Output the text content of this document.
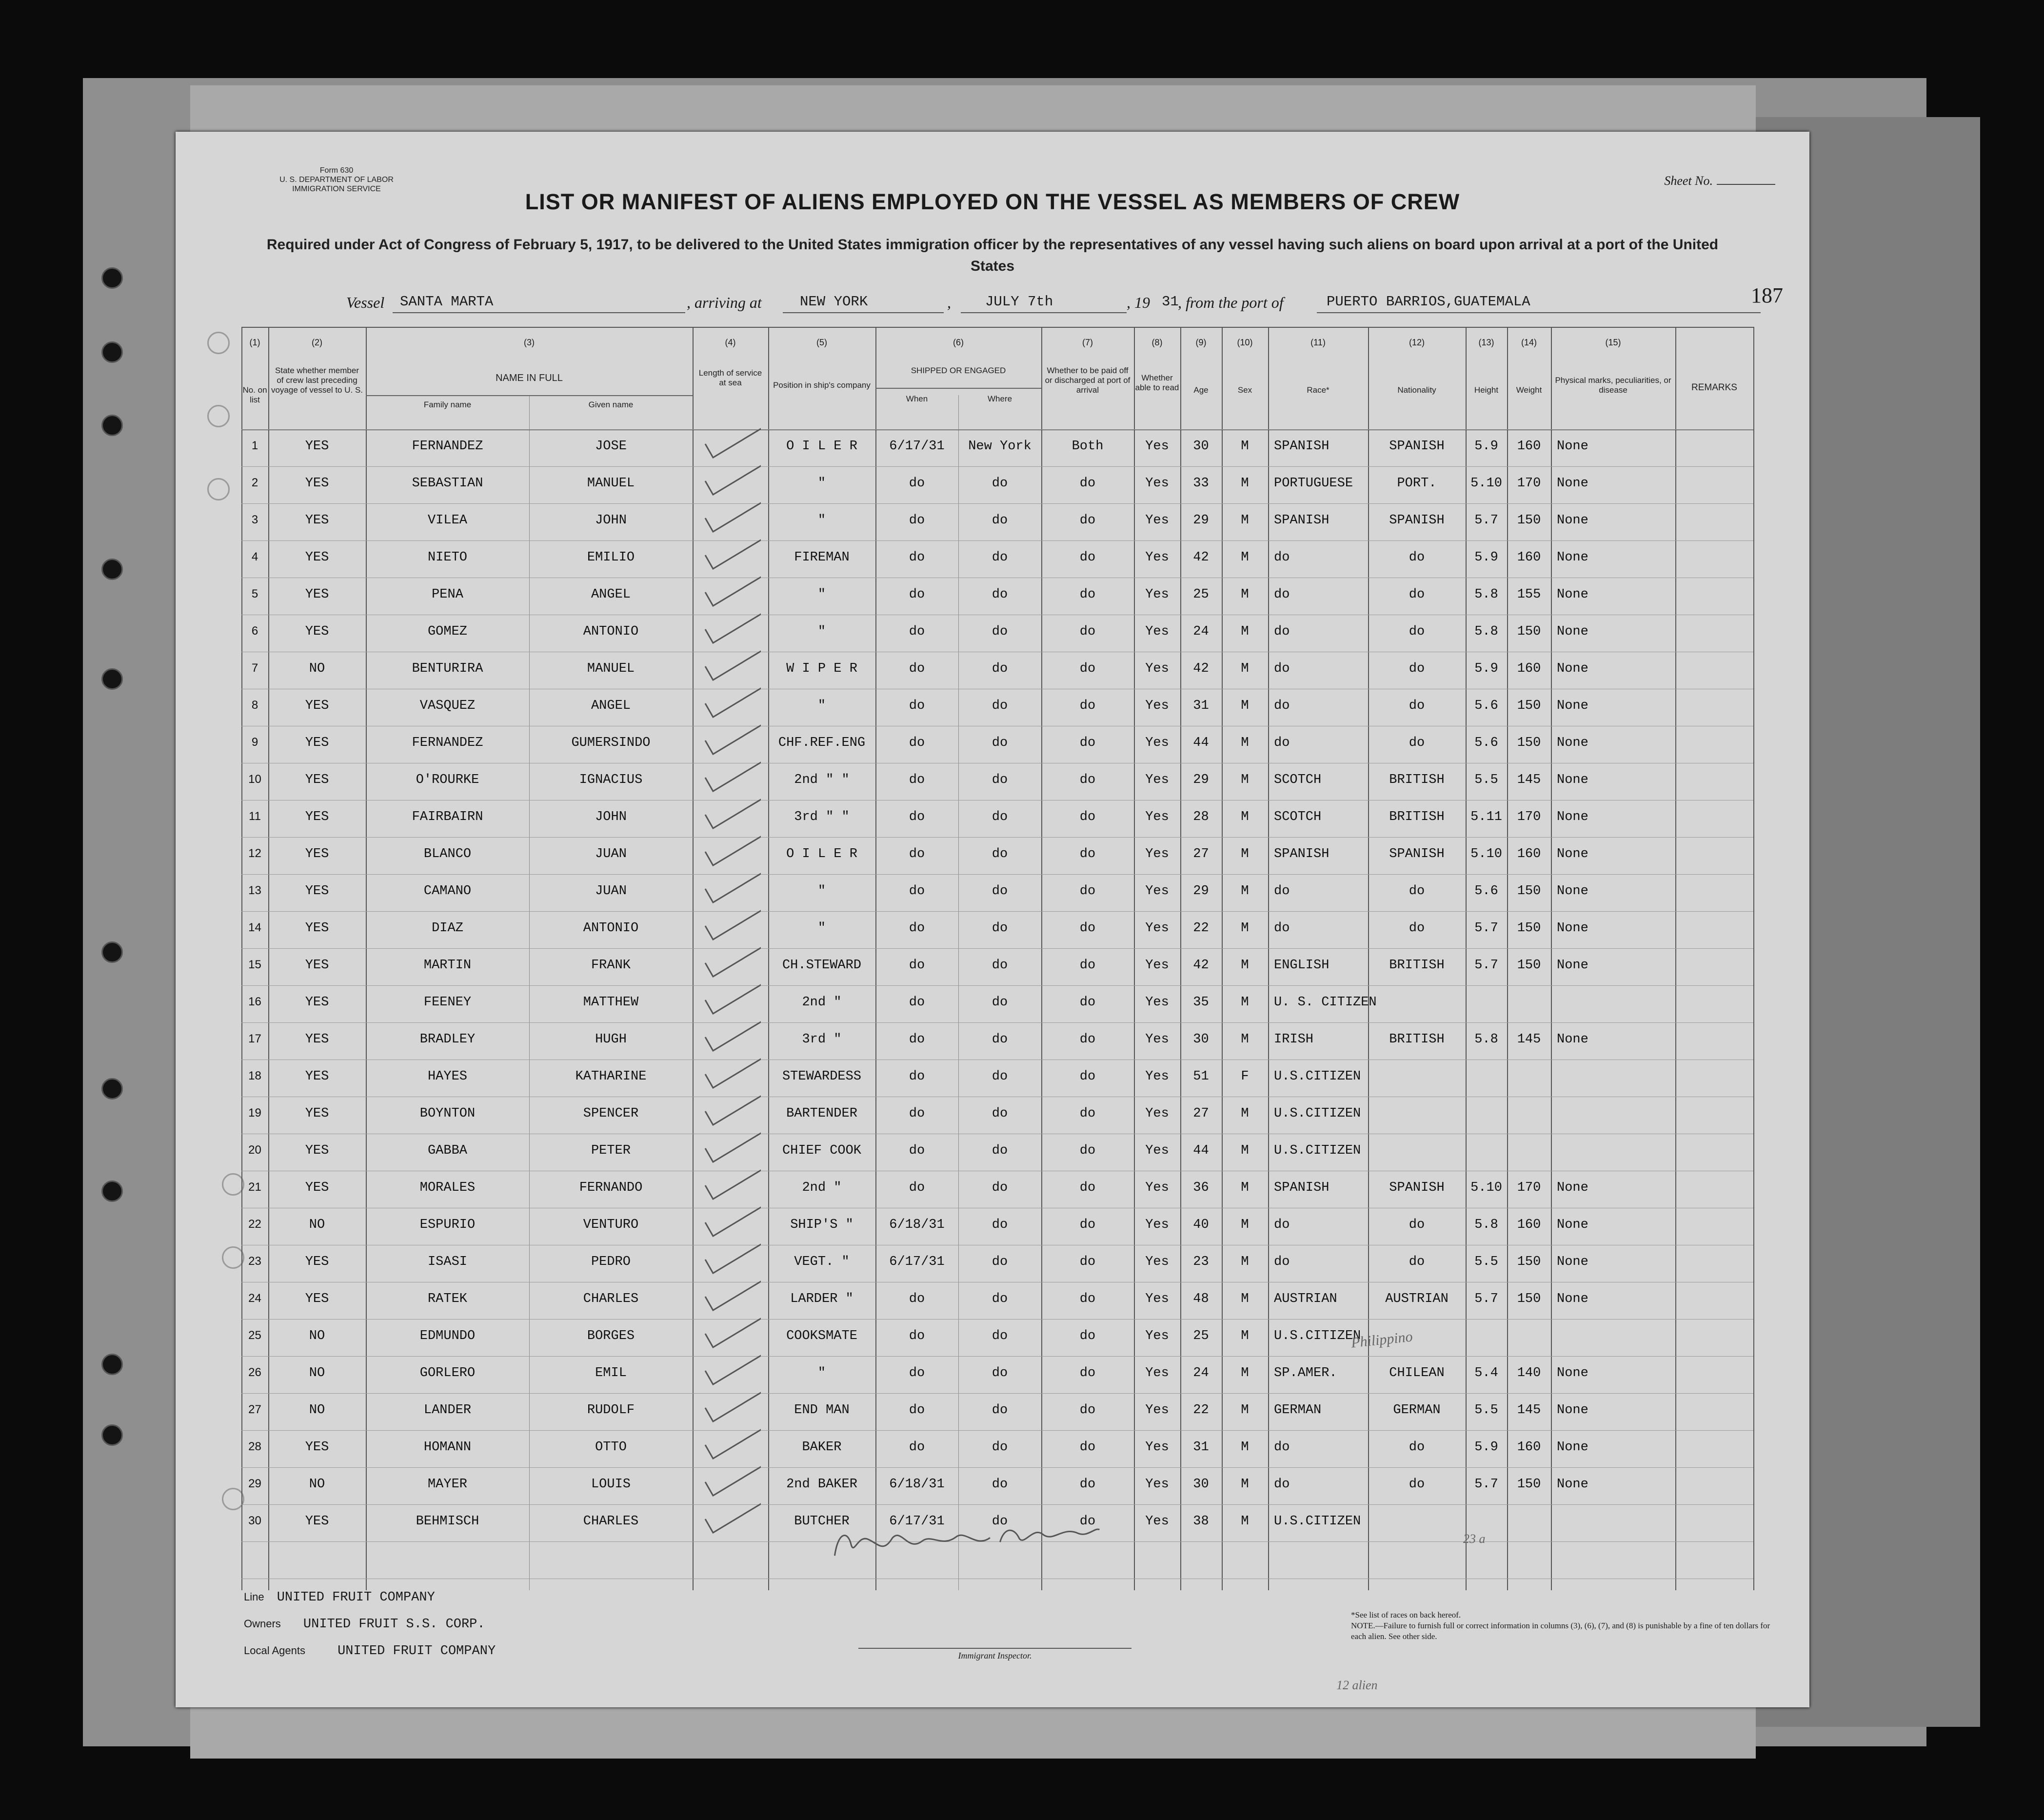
Form 630
U. S. DEPARTMENT OF LABOR
IMMIGRATION SERVICE
Sheet No.
LIST OR MANIFEST OF ALIENS EMPLOYED ON THE VESSEL AS MEMBERS OF CREW
Required under Act of Congress of February 5, 1917, to be delivered to the United States immigration officer by the representatives of any vessel having such aliens on board upon arrival at a port of the United States
Vessel SANTA MARTA	, arriving at	NEW YORK	, JULY 7th	, 19 31
, from the port of	PUERTO BARRIOS,GUATEMALA	187
(1)
No. on list
(2)
State whether member of crew last preceding voyage of vessel to U. S.
(3)
NAME IN FULL
Family name	Given name
(4)
Length of service at sea
(5)
Position in ship's company
(6)
SHIPPED OR ENGAGED
When	Where
(7)
Whether to be paid off or discharged at port of arrival
(8)
Whether able to read
(9)
Age
(10)
Sex
(11)
Race*
(12)
Nationality
(13)
Height
(14)
Weight
(15)
Physical marks, peculiarities, or disease	REMARKS
1	YES	FERNANDEZ	JOSE	O I L E R	6/17/31	New York	Both	Yes	30	M	SPANISH	SPANISH	5.9	160	None
2	YES	SEBASTIAN	MANUEL	"	do	do	do	Yes	33	M	PORTUGUESE	PORT.	5.10	170	None
3	YES	VILEA	JOHN	"	do	do	do	Yes	29	M	SPANISH	SPANISH	5.7	150	None
4	YES	NIETO	EMILIO	FIREMAN	do	do	do	Yes	42	M	do	do	5.9	160	None
5	YES	PENA	ANGEL	"	do	do	do	Yes	25	M	do	do	5.8	155	None
6	YES	GOMEZ	ANTONIO	"	do	do	do	Yes	24	M	do	do	5.8	150	None
7	NO	BENTURIRA	MANUEL	W I P E R	do	do	do	Yes	42	M	do	do	5.9	160	None
8	YES	VASQUEZ	ANGEL	"	do	do	do	Yes	31	M	do	do	5.6	150	None
9	YES	FERNANDEZ	GUMERSINDO	CHF.REF.ENG	do	do	do	Yes	44	M	do	do	5.6	150	None
10	YES	O'ROURKE	IGNACIUS	2nd " "	do	do	do	Yes	29	M	SCOTCH	BRITISH	5.5	145	None
11	YES	FAIRBAIRN	JOHN	3rd " "	do	do	do	Yes	28	M	SCOTCH	BRITISH	5.11	170	None
12	YES	BLANCO	JUAN	O I L E R	do	do	do	Yes	27	M	SPANISH	SPANISH	5.10	160	None
13	YES	CAMANO	JUAN	"	do	do	do	Yes	29	M	do	do	5.6	150	None
14	YES	DIAZ	ANTONIO	"	do	do	do	Yes	22	M	do	do	5.7	150	None
15	YES	MARTIN	FRANK	CH.STEWARD	do	do	do	Yes	42	M	ENGLISH	BRITISH	5.7	150	None
16	YES	FEENEY	MATTHEW	2nd "	do	do	do	Yes	35	M	U. S. CITIZEN
17	YES	BRADLEY	HUGH	3rd "	do	do	do	Yes	30	M	IRISH	BRITISH	5.8	145	None
18	YES	HAYES	KATHARINE	STEWARDESS	do	do	do	Yes	51	F	U.S.CITIZEN
19	YES	BOYNTON	SPENCER	BARTENDER	do	do	do	Yes	27	M	U.S.CITIZEN
20	YES	GABBA	PETER	CHIEF COOK	do	do	do	Yes	44	M	U.S.CITIZEN
21	YES	MORALES	FERNANDO	2nd "	do	do	do	Yes	36	M	SPANISH	SPANISH	5.10	170	None
22	NO	ESPURIO	VENTURO	SHIP'S "	6/18/31	do	do	Yes	40	M	do	do	5.8	160	None
23	YES	ISASI	PEDRO	VEGT. "	6/17/31	do	do	Yes	23	M	do	do	5.5	150	None
24	YES	RATEK	CHARLES	LARDER "	do	do	do	Yes	48	M	AUSTRIAN	AUSTRIAN	5.7	150	None
25	NO	EDMUNDO	BORGES	COOKSMATE	do	do	do	Yes	25	M	U.S.CITIZEN
26	NO	GORLERO	EMIL	"	do	do	do	Yes	24	M	SP.AMER.	CHILEAN	5.4	140	None
27	NO	LANDER	RUDOLF	END MAN	do	do	do	Yes	22	M	GERMAN	GERMAN	5.5	145	None
28	YES	HOMANN	OTTO	BAKER	do	do	do	Yes	31	M	do	do	5.9	160	None
29	NO	MAYER	LOUIS	2nd BAKER	6/18/31	do	do	Yes	30	M	do	do	5.7	150	None
30	YES	BEHMISCH	CHARLES	BUTCHER	6/17/31	do	do	Yes	38	M	U.S.CITIZEN
Philippino
23 a
12 alien
Line UNITED FRUIT COMPANY
Owners UNITED FRUIT S.S. CORP.
Local Agents UNITED FRUIT COMPANY	Immigrant Inspector.
*See list of races on back hereof.
NOTE.—Failure to furnish full or correct information in columns (3), (6), (7), and (8) is punishable by a fine of ten dollars for each alien. See other side.
